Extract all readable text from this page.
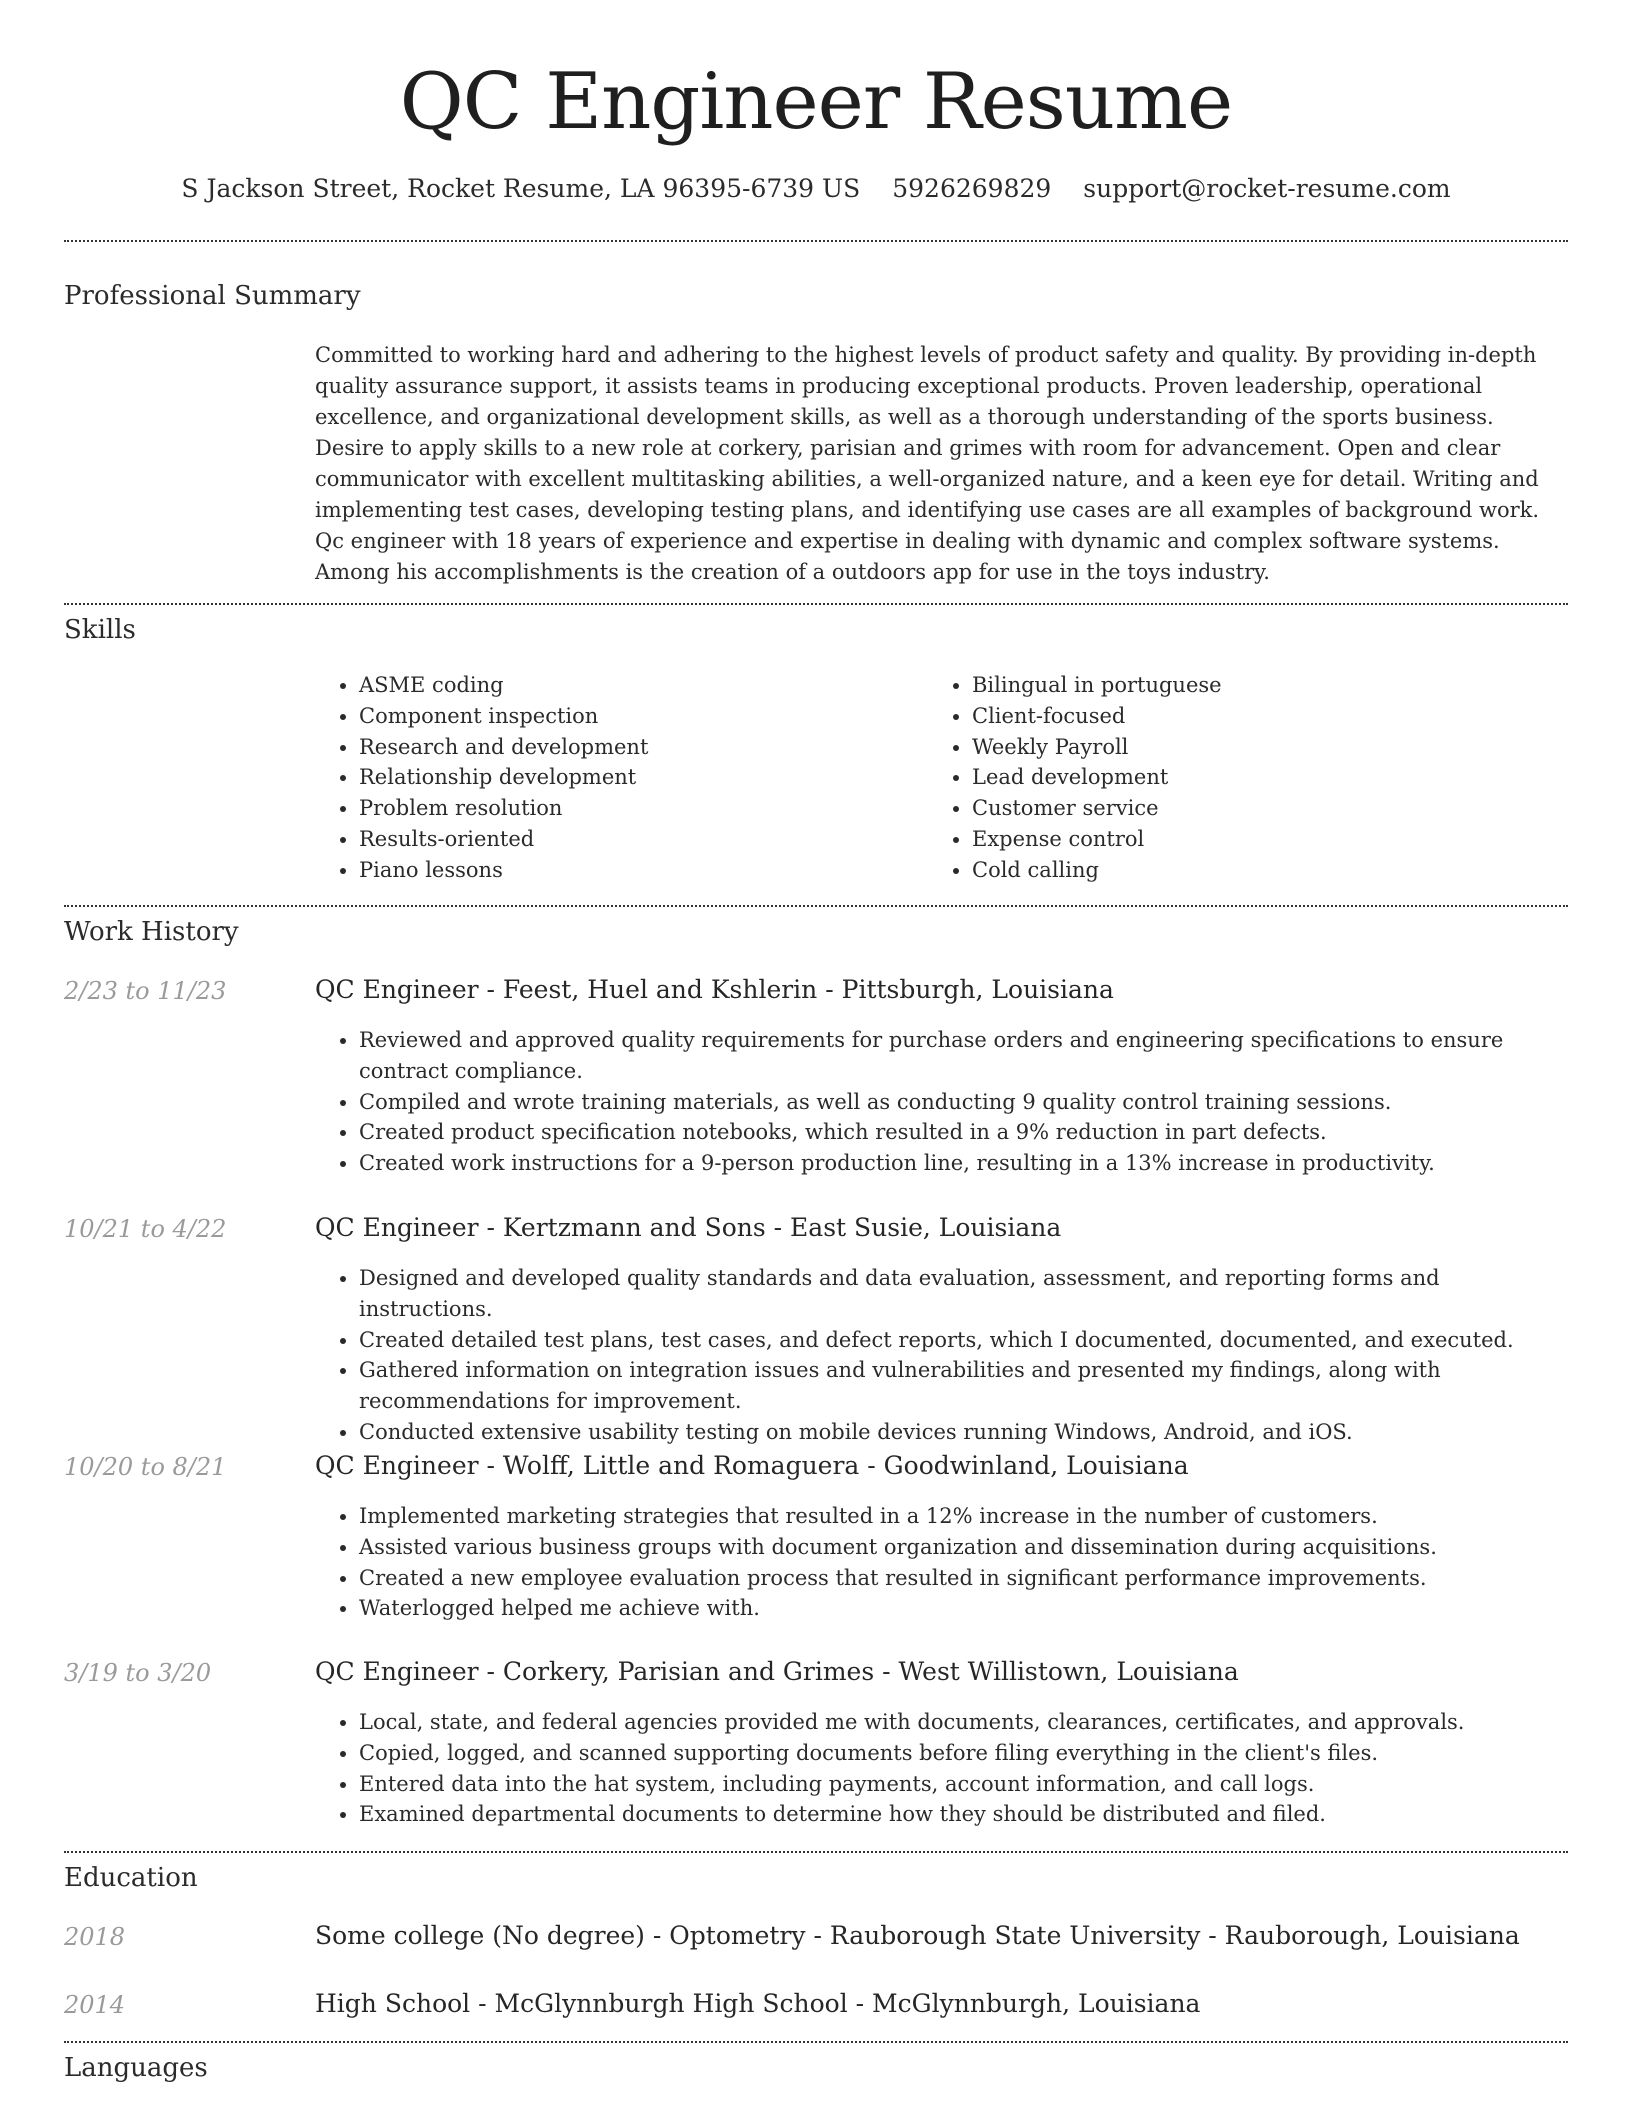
QC Engineer Resume
S Jackson Street, Rocket Resume, LA 96395-6739 US 5926269829 support@rocket-resume.com
Professional Summary
Committed to working hard and adhering to the highest levels of product safety and quality. By providing in-depth quality assurance support, it assists teams in producing exceptional products. Proven leadership, operational excellence, and organizational development skills, as well as a thorough understanding of the sports business. Desire to apply skills to a new role at corkery, parisian and grimes with room for advancement. Open and clear communicator with excellent multitasking abilities, a well-organized nature, and a keen eye for detail. Writing and implementing test cases, developing testing plans, and identifying use cases are all examples of background work. Qc engineer with 18 years of experience and expertise in dealing with dynamic and complex software systems. Among his accomplishments is the creation of a outdoors app for use in the toys industry.
Skills
• ASME coding
• Component inspection
• Research and development
• Relationship development
• Problem resolution
• Results-oriented
• Piano lessons
• Bilingual in portuguese
• Client-focused
• Weekly Payroll
• Lead development
• Customer service
• Expense control
• Cold calling
Work History
2/23 to 11/23	QC Engineer - Feest, Huel and Kshlerin - Pittsburgh, Louisiana
• Reviewed and approved quality requirements for purchase orders and engineering specifications to ensure contract compliance.
• Compiled and wrote training materials, as well as conducting 9 quality control training sessions.
• Created product specification notebooks, which resulted in a 9% reduction in part defects.
• Created work instructions for a 9-person production line, resulting in a 13% increase in productivity.
10/21 to 4/22	QC Engineer - Kertzmann and Sons - East Susie, Louisiana
• Designed and developed quality standards and data evaluation, assessment, and reporting forms and instructions.
• Created detailed test plans, test cases, and defect reports, which I documented, documented, and executed.
• Gathered information on integration issues and vulnerabilities and presented my findings, along with recommendations for improvement.
• Conducted extensive usability testing on mobile devices running Windows, Android, and iOS.
10/20 to 8/21	QC Engineer - Wolff, Little and Romaguera - Goodwinland, Louisiana
• Implemented marketing strategies that resulted in a 12% increase in the number of customers.
• Assisted various business groups with document organization and dissemination during acquisitions.
• Created a new employee evaluation process that resulted in significant performance improvements.
• Waterlogged helped me achieve with.
3/19 to 3/20	QC Engineer - Corkery, Parisian and Grimes - West Willistown, Louisiana
• Local, state, and federal agencies provided me with documents, clearances, certificates, and approvals.
• Copied, logged, and scanned supporting documents before filing everything in the client's files.
• Entered data into the hat system, including payments, account information, and call logs.
• Examined departmental documents to determine how they should be distributed and filed.
Education
2018	Some college (No degree) - Optometry - Rauborough State University - Rauborough, Louisiana
2014	High School - McGlynnburgh High School - McGlynnburgh, Louisiana
Languages
